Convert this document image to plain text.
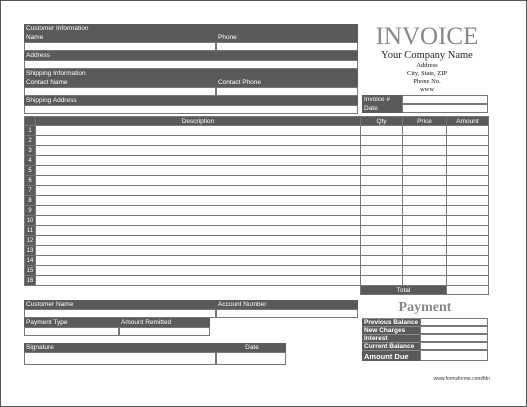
Customer Information
Name	Phone
Address
Shipping Information
Contact Name	Contact Phone
Shipping Address
INVOICE
Your Company Name
Address
City, State, ZIP
Phone No.
www
Invoice #
Date
	Description	Qty	Price	Amount
1				
2				
3				
4				
5				
6				
7				
8				
9				
10				
11				
12				
13				
14				
15				
16				
		Total		
Customer Name	Account Number
Payment Type	Amount Remitted
Signature	Date
Payment
Previous Balance
New Charges
Interest
Current Balance
Amount Due
www.formsforme.com/fdn
